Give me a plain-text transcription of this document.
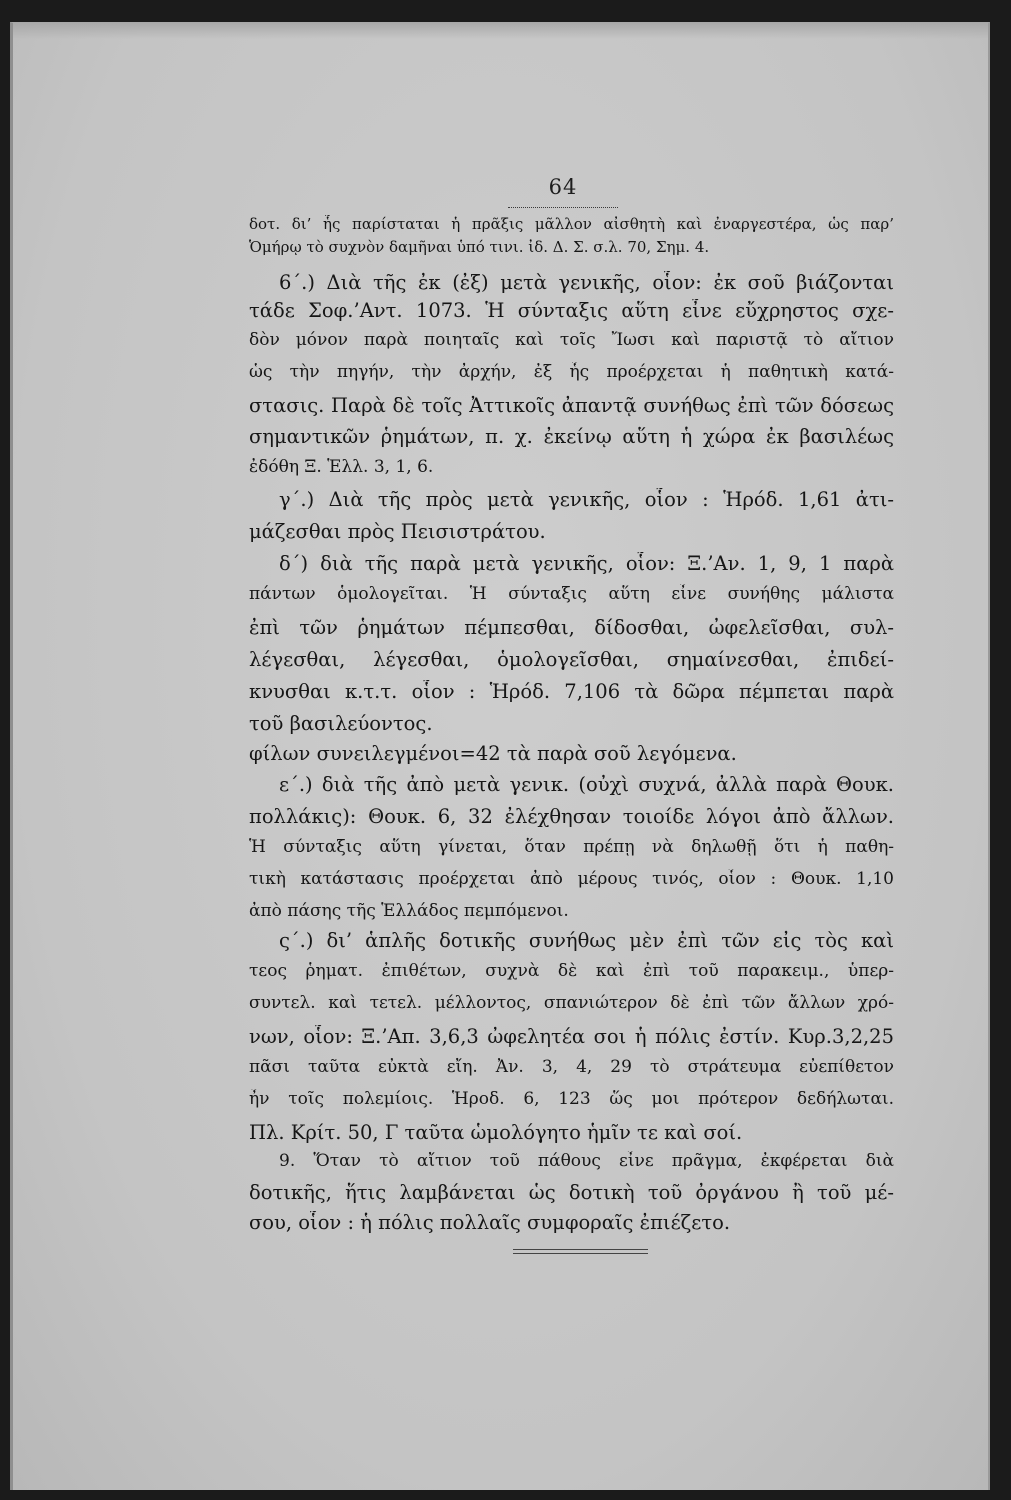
64
δοτ. δι’ ἧς παρίσταται ἡ πρᾶξις μᾶλλον αἰσθητὴ καὶ ἐναργεστέρα, ὡς παρ’
Ὁμήρῳ τὸ συχνὸν δαμῆναι ὑπό τινι. ἰδ. Δ. Σ. σ.λ. 70, Σημ. 4.
6΄.) Διὰ τῆς ἐκ (ἐξ) μετὰ γενικῆς, οἷον: ἐκ σοῦ βιάζονται
τάδε Σοφ.’Αντ. 1073. Ἡ σύνταξις αὕτη εἶνε εὔχρηστος σχε-
δὸν μόνον παρὰ ποιηταῖς καὶ τοῖς Ἴωσι καὶ παριστᾷ τὸ αἴτιον
ὡς τὴν πηγήν, τὴν ἀρχήν, ἐξ ἧς προέρχεται ἡ παθητικὴ κατά-
στασις. Παρὰ δὲ τοῖς Ἀττικοῖς ἀπαντᾷ συνήθως ἐπὶ τῶν δόσεως
σημαντικῶν ῥημάτων, π. χ. ἐκείνῳ αὕτη ἡ χώρα ἐκ βασιλέως
ἐδόθη Ξ. Ἑλλ. 3, 1, 6.
γ΄.) Διὰ τῆς πρὸς μετὰ γενικῆς, οἷον : Ἡρόδ. 1,61 ἀτι-
μάζεσθαι πρὸς Πεισιστράτου.
δ΄) διὰ τῆς παρὰ μετὰ γενικῆς, οἷον: Ξ.’Αν. 1, 9, 1 παρὰ
πάντων ὁμολογεῖται. Ἡ σύνταξις αὕτη εἶνε συνήθης μάλιστα
ἐπὶ τῶν ῥημάτων πέμπεσθαι, δίδοσθαι, ὠφελεῖσθαι, συλ-
λέγεσθαι, λέγεσθαι, ὁμολογεῖσθαι, σημαίνεσθαι, ἐπιδεί-
κνυσθαι κ.τ.τ. οἷον : Ἡρόδ. 7,106 τὰ δῶρα πέμπεται παρὰ
τοῦ βασιλεύοντος.
φίλων συνειλεγμένοι=42 τὰ παρὰ σοῦ λεγόμενα.
ε΄.) διὰ τῆς ἀπὸ μετὰ γενικ. (οὐχὶ συχνά, ἀλλὰ παρὰ Θουκ.
πολλάκις): Θουκ. 6, 32 ἐλέχθησαν τοιοίδε λόγοι ἀπὸ ἄλλων.
Ἡ σύνταξις αὕτη γίνεται, ὅταν πρέπῃ νὰ δηλωθῇ ὅτι ἡ παθη-
τικὴ κατάστασις προέρχεται ἀπὸ μέρους τινός, οἷον : Θουκ. 1,10
ἀπὸ πάσης τῆς Ἑλλάδος πεμπόμενοι.
ς΄.) δι’ ἁπλῆς δοτικῆς συνήθως μὲν ἐπὶ τῶν εἰς τὸς καὶ
τεος ῥηματ. ἐπιθέτων, συχνὰ δὲ καὶ ἐπὶ τοῦ παρακειμ., ὑπερ-
συντελ. καὶ τετελ. μέλλοντος, σπανιώτερον δὲ ἐπὶ τῶν ἄλλων χρό-
νων, οἷον: Ξ.’Απ. 3,6,3 ὠφελητέα σοι ἡ πόλις ἐστίν. Κυρ.3,2,25
πᾶσι ταῦτα εὐκτὰ εἴη. Ἀν. 3, 4, 29 τὸ στράτευμα εὐεπίθετον
ἦν τοῖς πολεμίοις. Ἡροδ. 6, 123 ὥς μοι πρότερον δεδήλωται.
Πλ. Κρίτ. 50, Γ ταῦτα ὡμολόγητο ἡμῖν τε καὶ σοί.
9. Ὅταν τὸ αἴτιον τοῦ πάθους εἶνε πρᾶγμα, ἐκφέρεται διὰ
δοτικῆς, ἥτις λαμβάνεται ὡς δοτικὴ τοῦ ὀργάνου ἢ τοῦ μέ-
σου, οἷον : ἡ πόλις πολλαῖς συμφοραῖς ἐπιέζετο.
